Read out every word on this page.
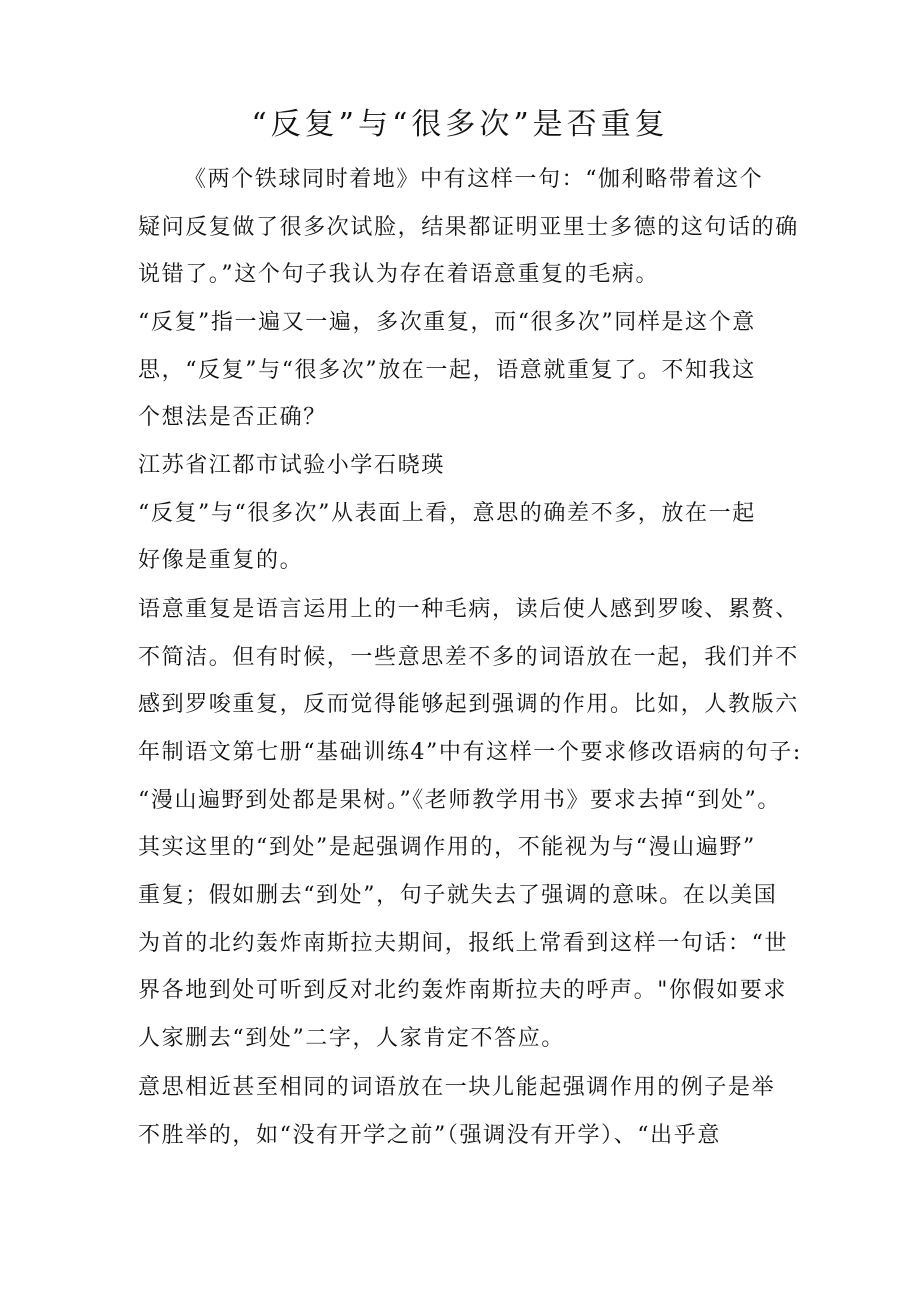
“反复”与“很多次”是否重复
《两个铁球同时着地》中有这样一句：“伽利略带着这个
疑问反复做了很多次试脸，结果都证明亚里士多德的这句话的确
说错了。”这个句子我认为存在着语意重复的毛病。
“反复”指一遍又一遍，多次重复，而“很多次”同样是这个意
思，“反复”与“很多次”放在一起，语意就重复了。不知我这
个想法是否正确？
江苏省江都市试验小学石晓瑛
“反复”与“很多次”从表面上看，意思的确差不多，放在一起
好像是重复的。
语意重复是语言运用上的一种毛病，读后使人感到罗唆、累赘、
不简洁。但有时候，一些意思差不多的词语放在一起，我们并不
感到罗唆重复，反而觉得能够起到强调的作用。比如，人教版六
年制语文第七册“基础训练4”中有这样一个要求修改语病的句子:
“漫山遍野到处都是果树。”《老师教学用书》要求去掉“到处”。
其实这里的“到处”是起强调作用的，不能视为与“漫山遍野”
重复；假如删去“到处”，句子就失去了强调的意味。在以美国
为首的北约轰炸南斯拉夫期间，报纸上常看到这样一句话：“世
界各地到处可听到反对北约轰炸南斯拉夫的呼声。"你假如要求
人家删去“到处”二字，人家肯定不答应。
意思相近甚至相同的词语放在一块儿能起强调作用的例子是举
不胜举的，如“没有开学之前”（强调没有开学）、“出乎意
